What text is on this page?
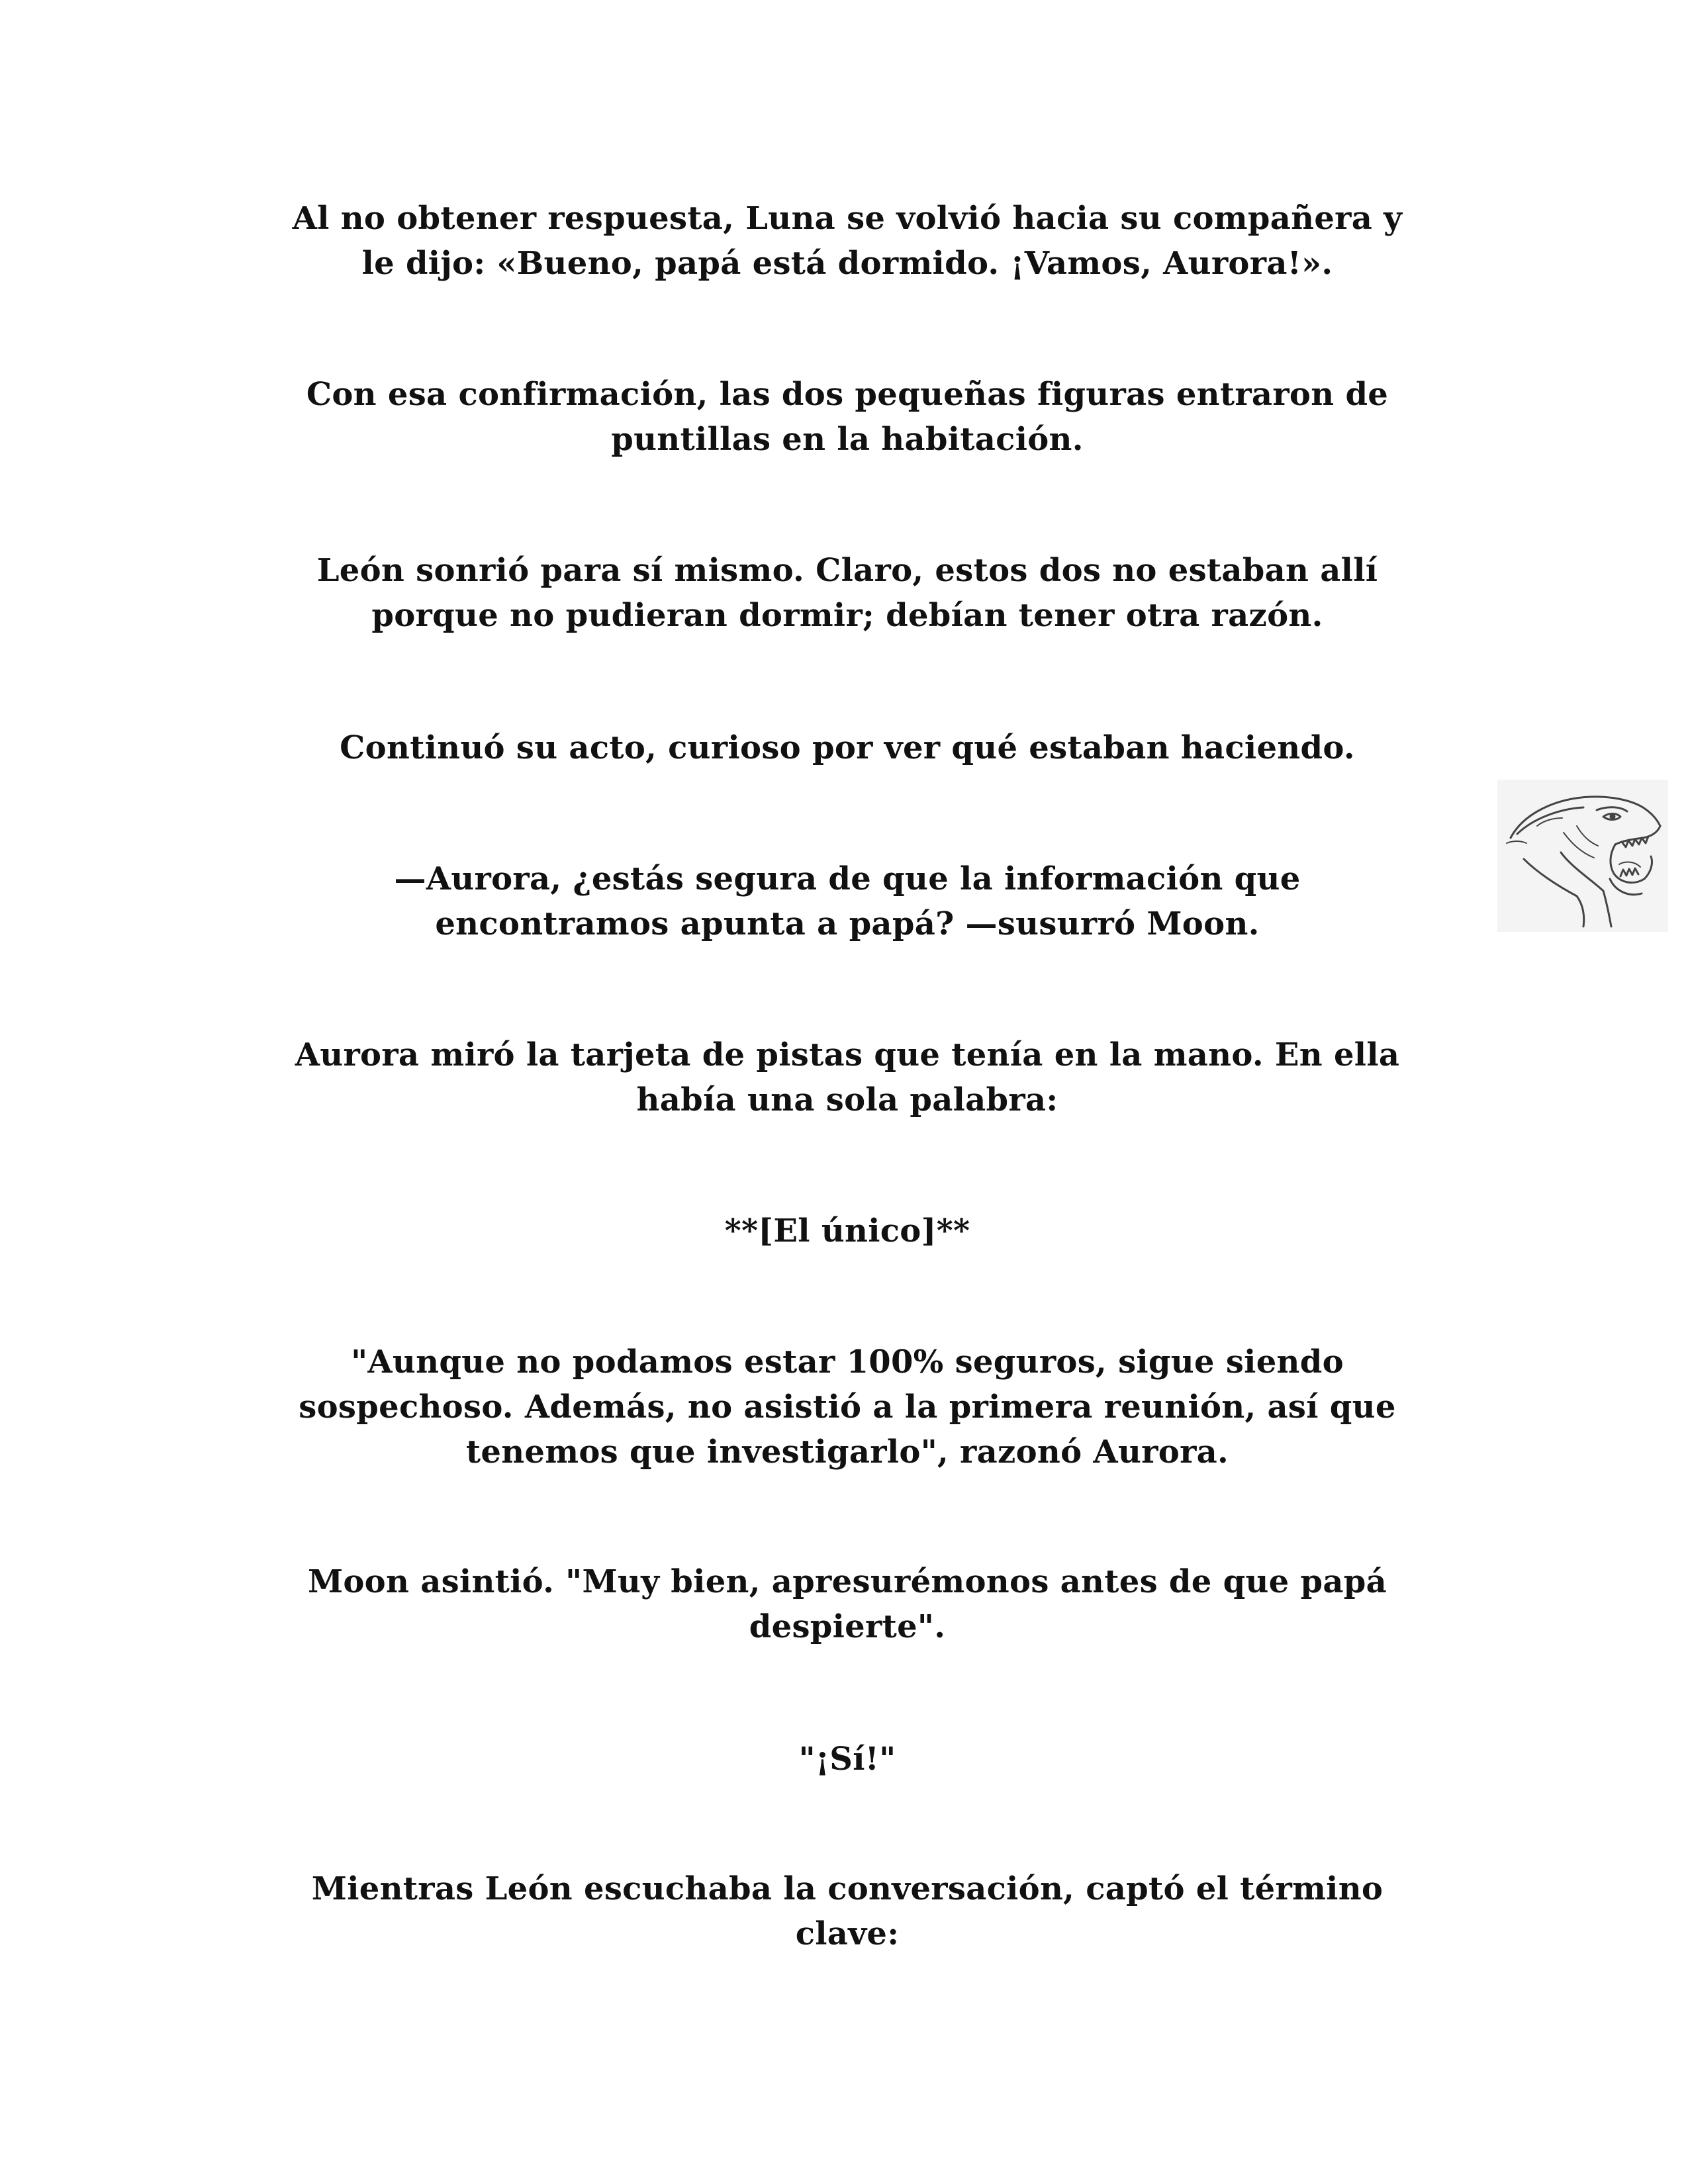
Al no obtener respuesta, Luna se volvió hacia su compañera y
le dijo: «Bueno, papá está dormido. ¡Vamos, Aurora!».

Con esa confirmación, las dos pequeñas figuras entraron de
puntillas en la habitación.

León sonrió para sí mismo. Claro, estos dos no estaban allí
porque no pudieran dormir; debían tener otra razón.

Continuó su acto, curioso por ver qué estaban haciendo.

—Aurora, ¿estás segura de que la información que
encontramos apunta a papá? —susurró Moon.

Aurora miró la tarjeta de pistas que tenía en la mano. En ella
había una sola palabra:

**[El único]**

"Aunque no podamos estar 100% seguros, sigue siendo
sospechoso. Además, no asistió a la primera reunión, así que
tenemos que investigarlo", razonó Aurora.

Moon asintió. "Muy bien, apresurémonos antes de que papá
despierte".

"¡Sí!"

Mientras León escuchaba la conversación, captó el término
clave:
